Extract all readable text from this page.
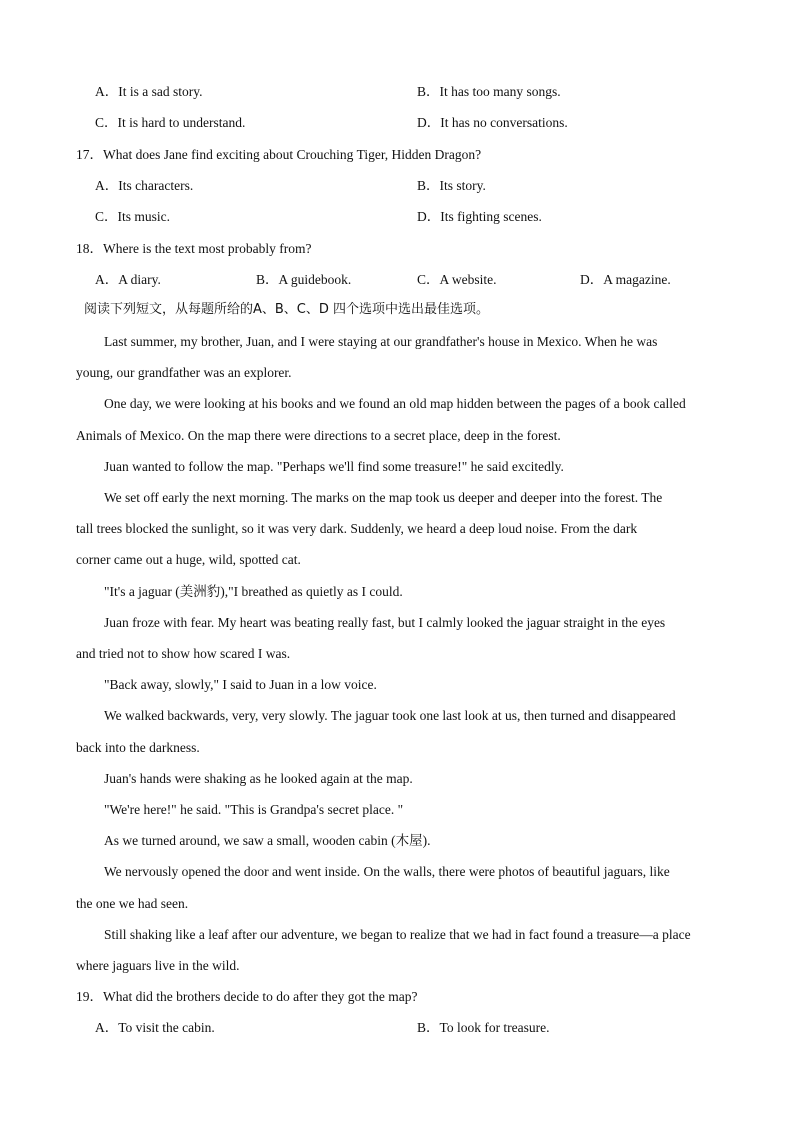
A．It is a sad story.	B．It has too many songs.
C．It is hard to understand.	D．It has no conversations.
17．What does Jane find exciting about Crouching Tiger, Hidden Dragon?
A．Its characters.	B．Its story.
C．Its music.	D．Its fighting scenes.
18．Where is the text most probably from?
A．A diary.	B．A guidebook.	C．A website.	D．A magazine.
阅读下列短文，从每题所给的A、B、C、D 四个选项中选出最佳选项。
Last summer, my brother, Juan, and I were staying at our grandfather's house in Mexico. When he was
young, our grandfather was an explorer.
One day, we were looking at his books and we found an old map hidden between the pages of a book called
Animals of Mexico. On the map there were directions to a secret place, deep in the forest.
Juan wanted to follow the map. "Perhaps we'll find some treasure!" he said excitedly.
We set off early the next morning. The marks on the map took us deeper and deeper into the forest. The
tall trees blocked the sunlight, so it was very dark. Suddenly, we heard a deep loud noise. From the dark
corner came out a huge, wild, spotted cat.
"It's a jaguar (美洲豹),"I breathed as quietly as I could.
Juan froze with fear. My heart was beating really fast, but I calmly looked the jaguar straight in the eyes
and tried not to show how scared I was.
"Back away, slowly," I said to Juan in a low voice.
We walked backwards, very, very slowly. The jaguar took one last look at us, then turned and disappeared
back into the darkness.
Juan's hands were shaking as he looked again at the map.
"We're here!" he said. "This is Grandpa's secret place. "
As we turned around, we saw a small, wooden cabin (木屋).
We nervously opened the door and went inside. On the walls, there were photos of beautiful jaguars, like
the one we had seen.
Still shaking like a leaf after our adventure, we began to realize that we had in fact found a treasure—a place
where jaguars live in the wild.
19．What did the brothers decide to do after they got the map?
A．To visit the cabin.	B．To look for treasure.
